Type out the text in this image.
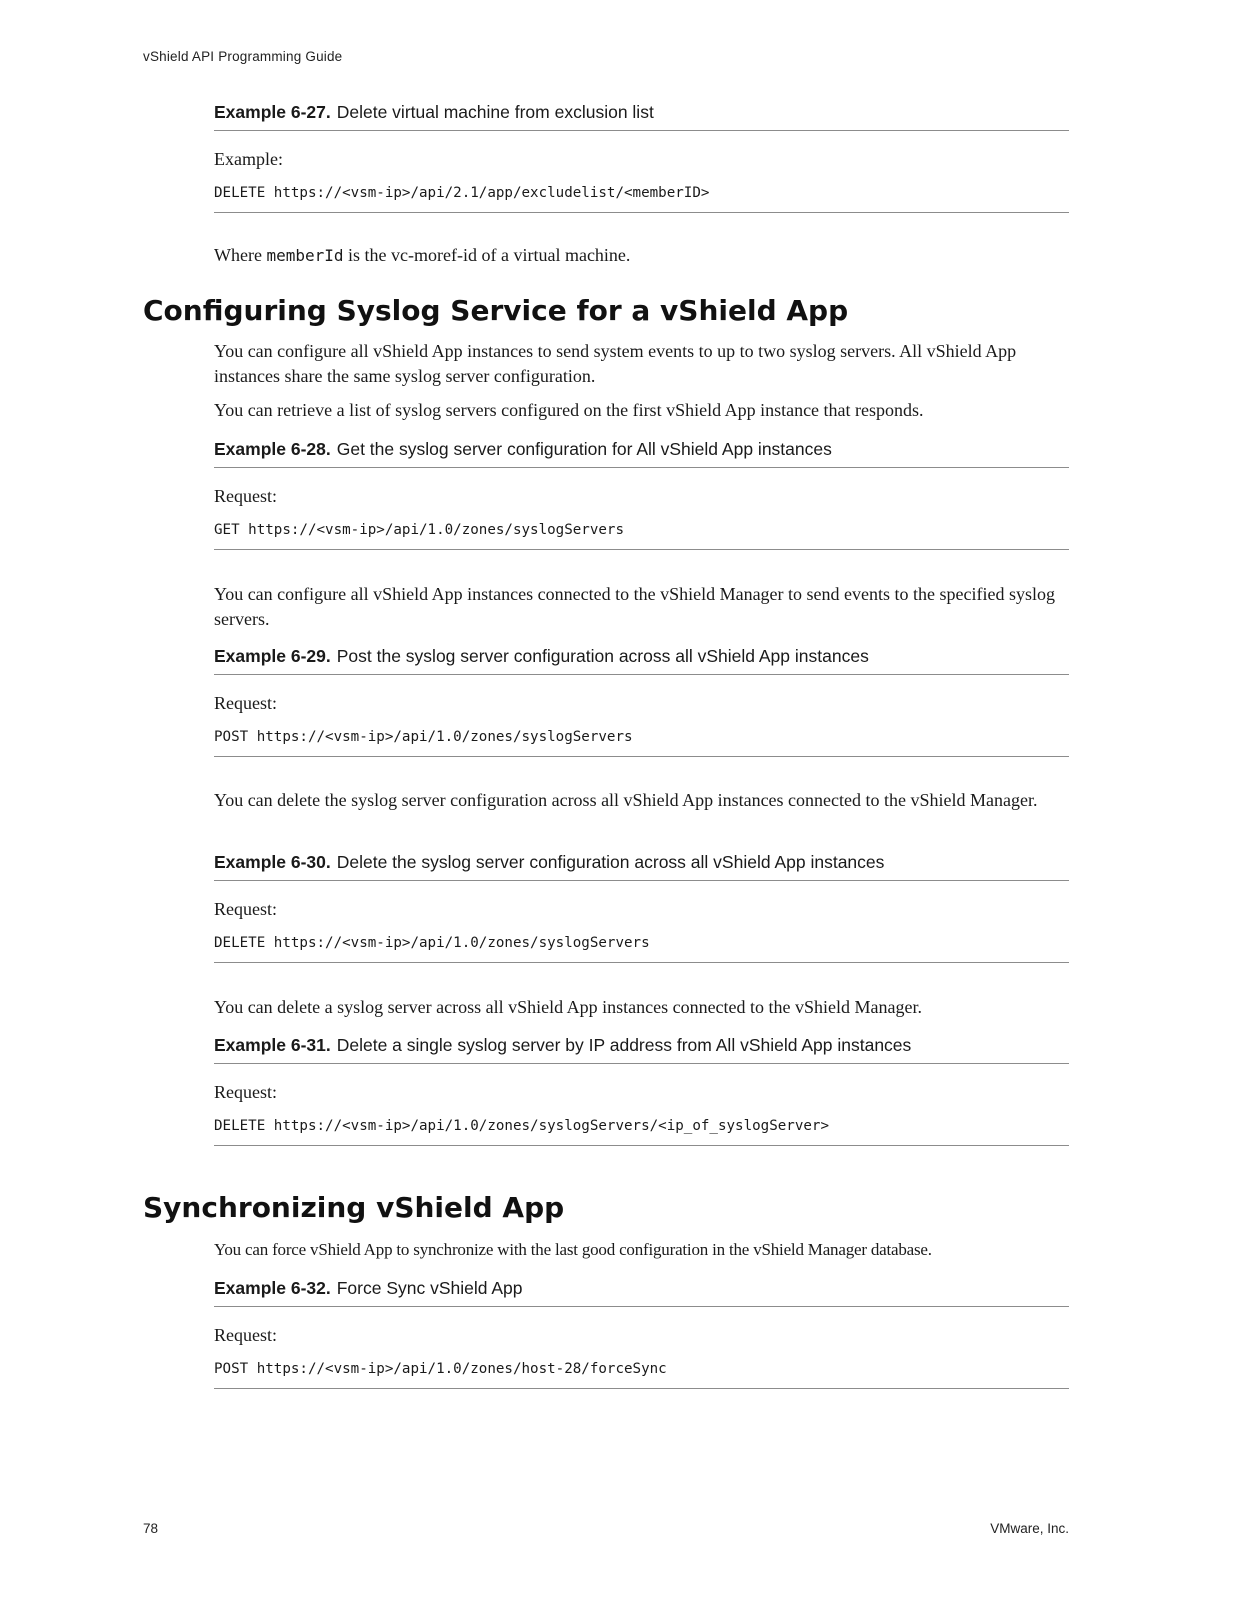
vShield API Programming Guide
Example 6-27. Delete virtual machine from exclusion list
Example:
DELETE https://<vsm-ip>/api/2.1/app/excludelist/<memberID>
Where memberId is the vc-moref-id of a virtual machine.
Configuring Syslog Service for a vShield App
You can configure all vShield App instances to send system events to up to two syslog servers. All vShield App instances share the same syslog server configuration.
You can retrieve a list of syslog servers configured on the first vShield App instance that responds.
Example 6-28. Get the syslog server configuration for All vShield App instances
Request:
GET https://<vsm-ip>/api/1.0/zones/syslogServers
You can configure all vShield App instances connected to the vShield Manager to send events to the specified syslog servers.
Example 6-29. Post the syslog server configuration across all vShield App instances
Request:
POST https://<vsm-ip>/api/1.0/zones/syslogServers
You can delete the syslog server configuration across all vShield App instances connected to the vShield Manager.
Example 6-30. Delete the syslog server configuration across all vShield App instances
Request:
DELETE https://<vsm-ip>/api/1.0/zones/syslogServers
You can delete a syslog server across all vShield App instances connected to the vShield Manager.
Example 6-31. Delete a single syslog server by IP address from All vShield App instances
Request:
DELETE https://<vsm-ip>/api/1.0/zones/syslogServers/<ip_of_syslogServer>
Synchronizing vShield App
You can force vShield App to synchronize with the last good configuration in the vShield Manager database.
Example 6-32. Force Sync vShield App
Request:
POST https://<vsm-ip>/api/1.0/zones/host-28/forceSync
78	VMware, Inc.
